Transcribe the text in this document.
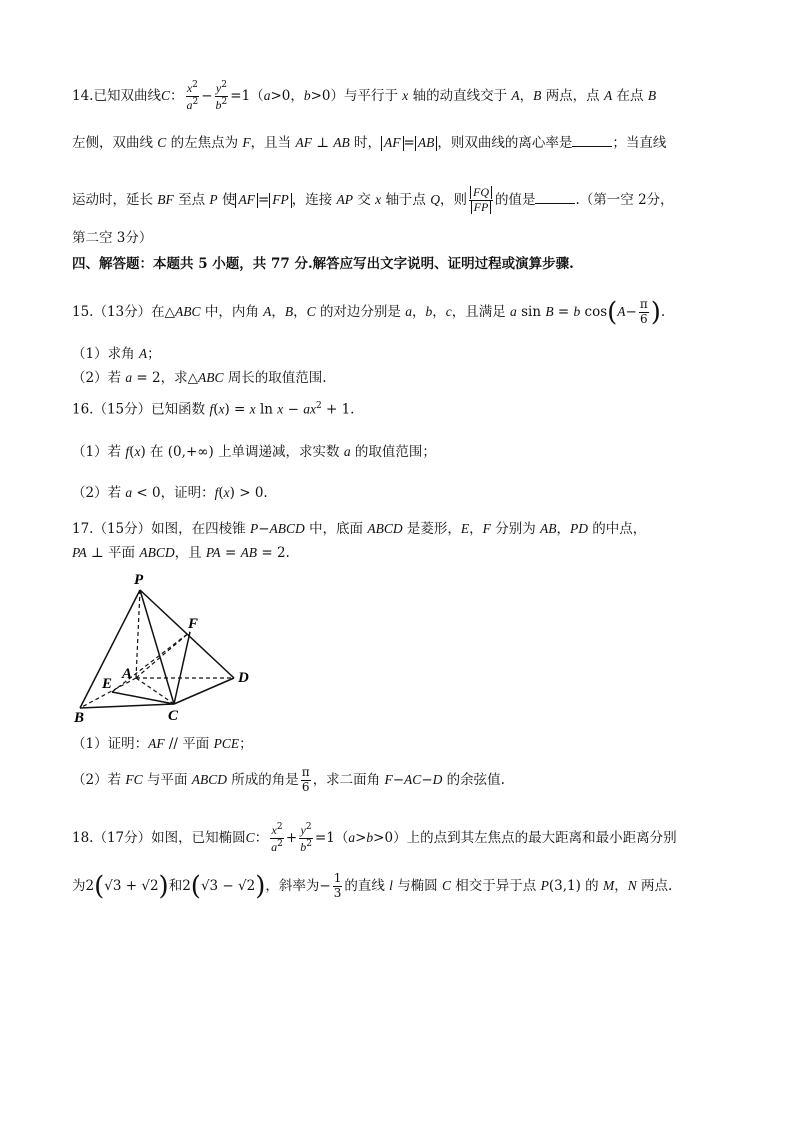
14.已知双曲线C： $\frac{x^2}{a^2} - \frac{y^2}{b^2} =1(a>0$，b>0）与平行于 x 轴的动直线交于 A，B 两点，点 A 在点 B
左侧，双曲线 C 的左焦点为 F，且当 AF ⊥ AB 时， AF = AB ，则双曲线的离心率是	；当直线
运动时，延长 BF 至点 P 使 AF = FP ，连接 AP 交 x 轴于点 Q，则 $\frac{FQ}{FP}$ 的值是	.（第一空 2分，
第二空 3分）
四、解答题：本题共 5 小题，共 77 分.解答应写出文字说明、证明过程或演算步骤.
15.（13分）在△ABC 中，内角 A，B，C 的对边分别是 a，b，c，且满足 a sin B = b $\cos(A- \frac{\pi}{6}$ ).
（1）求角 A；
（2）若 a = 2，求△ABC 周长的取值范围.
16.（15分）已知函数 f(x) = x $\ln x - ax^2 + 1$.
（1）若 f(x) 在 (0,+∞) 上单调递减，求实数 a 的取值范围；
（2）若 a < 0，证明：f(x) > 0.
17.（15分）如图，在四棱锥 P−ABCD 中，底面 ABCD 是菱形，E，F 分别为 AB，PD 的中点，
PA ⊥ 平面 ABCD，且 PA = AB = 2.
P
F
A
E	D
B	C
（1）证明：AF // 平面 PCE；
（2）若 FC 与平面 ABCD 所成的角是 $\frac{\pi}{6}$ ，求二面角 F−AC−D 的余弦值.
18.（17分）如图，已知椭圆C： $\frac{x^2}{a^2} + \frac{y^2}{b^2} =1(a>b>0)$上的点到其左焦点的最大距离和最小距离分别
为2(√3 + √2)和2(√3 − √2)，斜率为− $\frac{1}{3}$ 的直线 l 与椭圆 C 相交于异于点 P(3,1) 的 M，N 两点.
